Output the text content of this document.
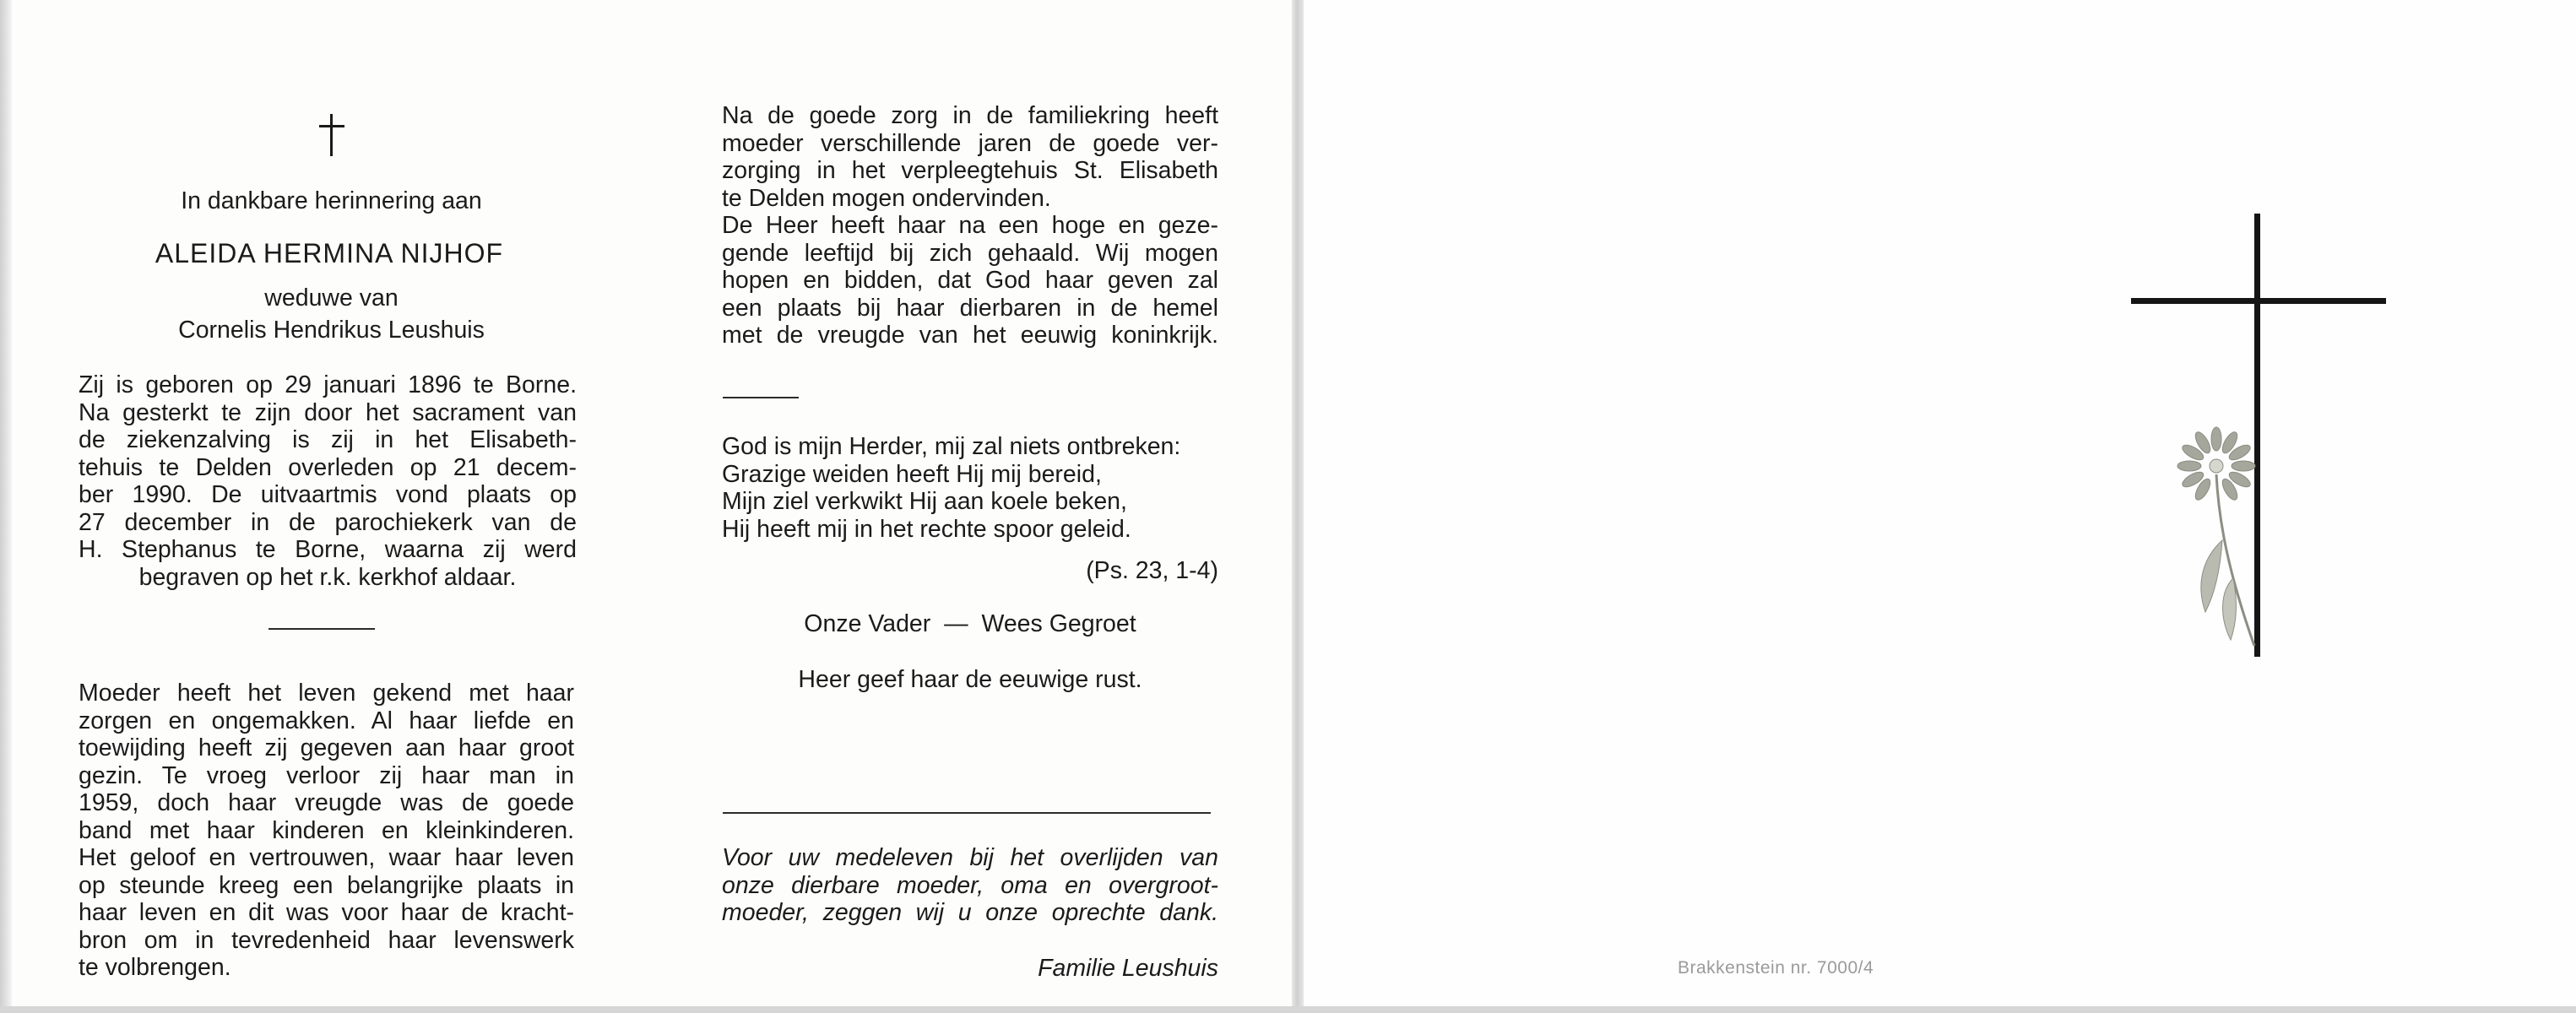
In dankbare herinnering aan
ALEIDA HERMINA NIJHOF
weduwe van
Cornelis Hendrikus Leushuis
Zij is geboren op 29 januari 1896 te Borne.
Na gesterkt te zijn door het sacrament van
de ziekenzalving is zij in het Elisabeth-
tehuis te Delden overleden op 21 decem-
ber 1990. De uitvaartmis vond plaats op
27 december in de parochiekerk van de
H. Stephanus te Borne, waarna zij werd
begraven op het r.k. kerkhof aldaar.
Moeder heeft het leven gekend met haar
zorgen en ongemakken. Al haar liefde en
toewijding heeft zij gegeven aan haar groot
gezin. Te vroeg verloor zij haar man in
1959, doch haar vreugde was de goede
band met haar kinderen en kleinkinderen.
Het geloof en vertrouwen, waar haar leven
op steunde kreeg een belangrijke plaats in
haar leven en dit was voor haar de kracht-
bron om in tevredenheid haar levenswerk
te volbrengen.
Na de goede zorg in de familiekring heeft
moeder verschillende jaren de goede ver-
zorging in het verpleegtehuis St. Elisabeth
te Delden mogen ondervinden.
De Heer heeft haar na een hoge en geze-
gende leeftijd bij zich gehaald. Wij mogen
hopen en bidden, dat God haar geven zal
een plaats bij haar dierbaren in de hemel
met de vreugde van het eeuwig koninkrijk.
God is mijn Herder, mij zal niets ontbreken:
Grazige weiden heeft Hij mij bereid,
Mijn ziel verkwikt Hij aan koele beken,
Hij heeft mij in het rechte spoor geleid.
(Ps. 23, 1-4)
Onze Vader  —  Wees Gegroet
Heer geef haar de eeuwige rust.
Voor uw medeleven bij het overlijden van
onze dierbare moeder, oma en overgroot-
moeder, zeggen wij u onze oprechte dank.
Familie Leushuis	Brakkenstein nr. 7000/4
